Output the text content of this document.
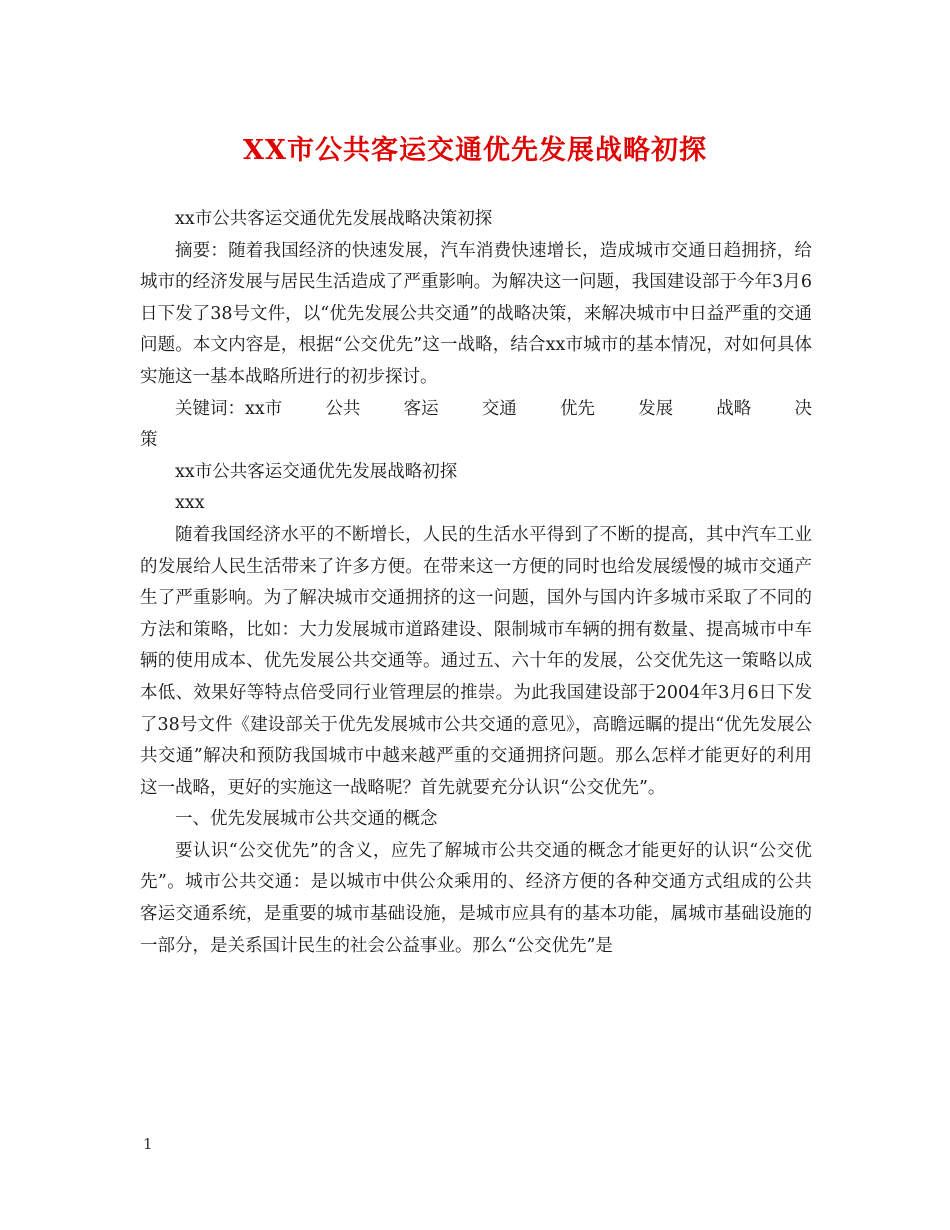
XX市公共客运交通优先发展战略初探

xx市公共客运交通优先发展战略决策初探

摘要：随着我国经济的快速发展，汽车消费快速增长，造成城市交通日趋拥挤，给城市的经济发展与居民生活造成了严重影响。为解决这一问题，我国建设部于今年3月6日下发了38号文件，以“优先发展公共交通”的战略决策，来解决城市中日益严重的交通问题。本文内容是，根据“公交优先”这一战略，结合xx市城市的基本情况，对如何具体实施这一基本战略所进行的初步探讨。

关键词：xx市 公共 客运 交通 优先 发展 战略 决

策

xx市公共客运交通优先发展战略初探

xxx

随着我国经济水平的不断增长，人民的生活水平得到了不断的提高，其中汽车工业的发展给人民生活带来了许多方便。在带来这一方便的同时也给发展缓慢的城市交通产生了严重影响。为了解决城市交通拥挤的这一问题，国外与国内许多城市采取了不同的方法和策略，比如：大力发展城市道路建设、限制城市车辆的拥有数量、提高城市中车辆的使用成本、优先发展公共交通等。通过五、六十年的发展，公交优先这一策略以成本低、效果好等特点倍受同行业管理层的推崇。为此我国建设部于2004年3月6日下发了38号文件《建设部关于优先发展城市公共交通的意见》，高瞻远瞩的提出“优先发展公共交通”解决和预防我国城市中越来越严重的交通拥挤问题。那么怎样才能更好的利用这一战略，更好的实施这一战略呢？首先就要充分认识“公交优先”。

一、优先发展城市公共交通的概念

要认识“公交优先”的含义，应先了解城市公共交通的概念才能更好的认识“公交优先”。城市公共交通：是以城市中供公众乘用的、经济方便的各种交通方式组成的公共客运交通系统，是重要的城市基础设施，是城市应具有的基本功能，属城市基础设施的一部分，是关系国计民生的社会公益事业。那么“公交优先”是

1
